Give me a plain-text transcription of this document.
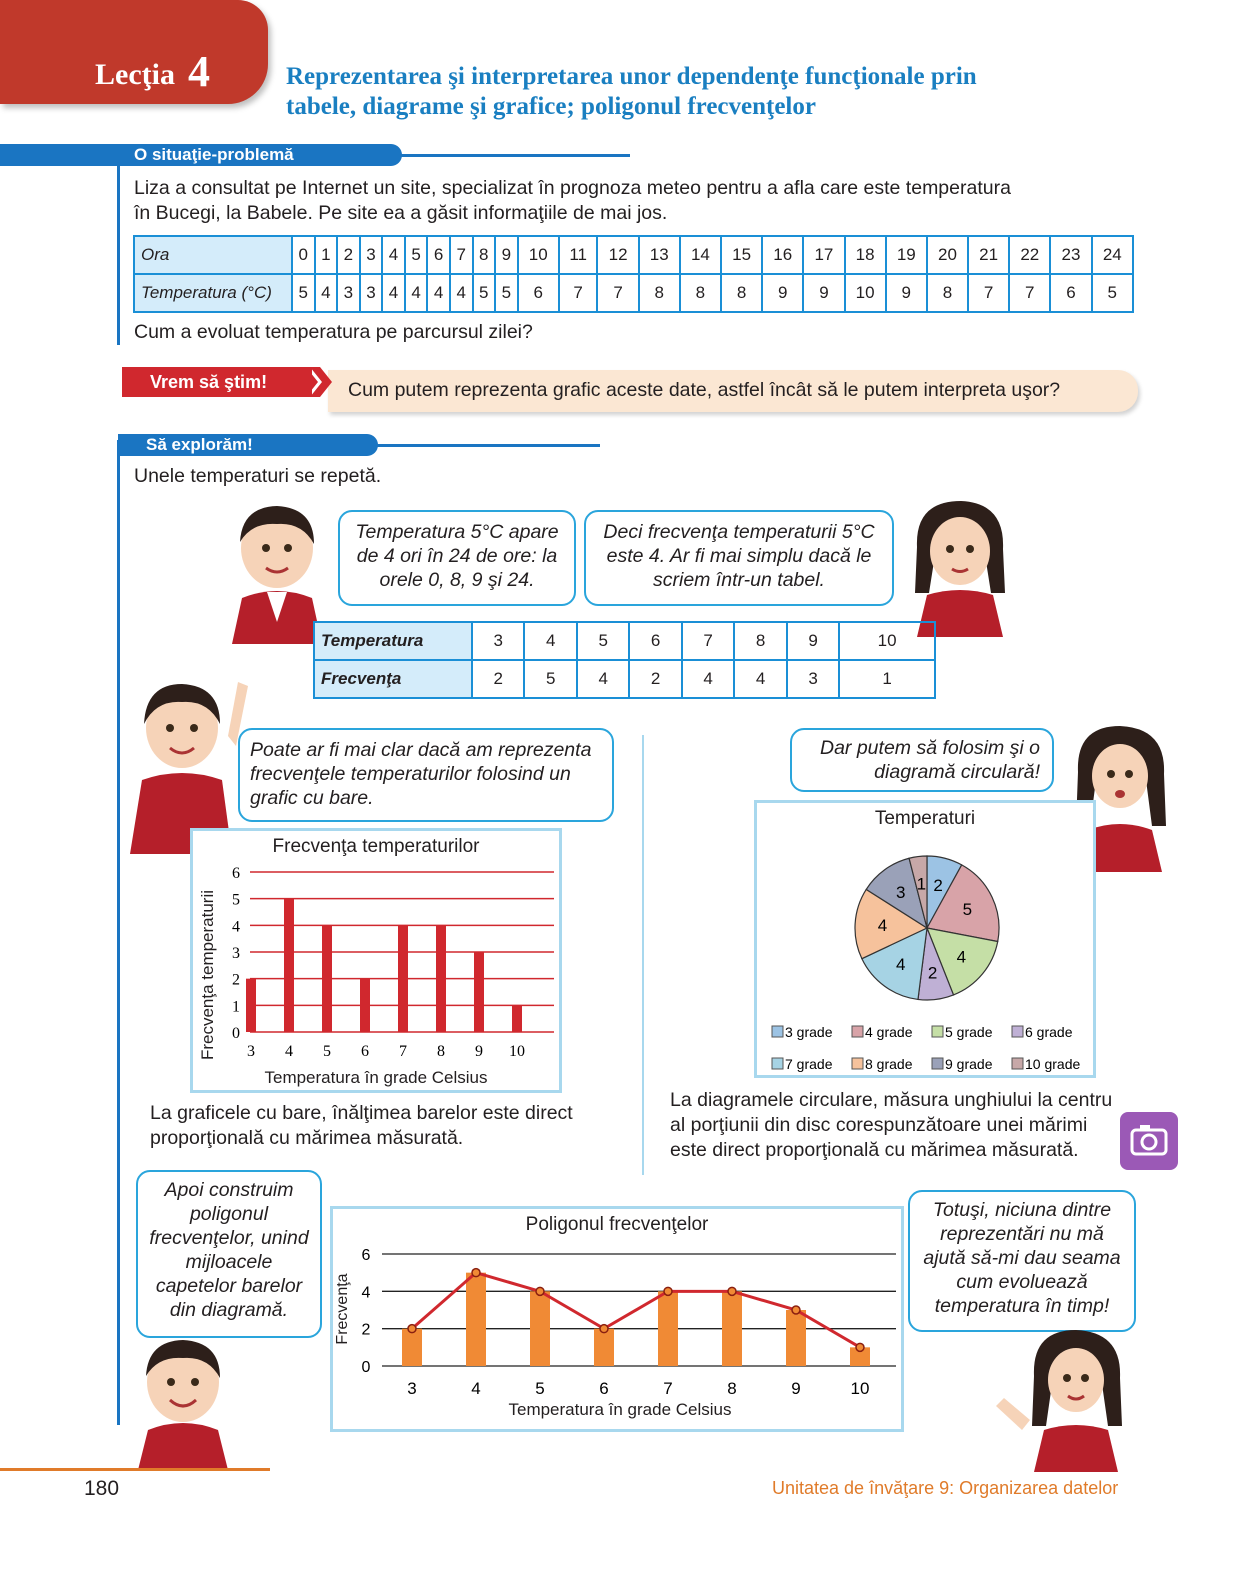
Lecţia 4	Reprezentarea şi interpretarea unor dependenţe funcţionale prin
tabele, diagrame şi grafice; poligonul frecvenţelor
O situaţie-problemă
Liza a consultat pe Internet un site, specializat în prognoza meteo pentru a afla care este temperatura
în Bucegi, la Babele. Pe site ea a găsit informaţiile de mai jos.
Ora	0	1	2	3	4	5	6	7	8	9	10	11	12	13	14	15	16	17	18	19	20	21	22	23	24
Temperatura (°C)	5	4	3	3	4	4	4	4	5	5	6	7	7	8	8	8	9	9	10	9	8	7	7	6	5
Cum a evoluat temperatura pe parcursul zilei?
Cum putem reprezenta grafic aceste date, astfel încât să le putem interpreta uşor?
Vrem să ştim!
Să explorăm!
Unele temperaturi se repetă.
Temperatura 5°C apare de 4 ori în 24 de ore: la orele 0, 8, 9 şi 24.
Deci frecvenţa temperaturii 5°C este 4. Ar fi mai simplu dacă le scriem într-un tabel.
Temperatura	3	4	5	6	7	8	9	10
Frecvenţa	2	5	4	2	4	4	3	1
Poate ar fi mai clar dacă am reprezenta frecvenţele temperaturilor folosind un grafic cu bare.
Dar putem să folosim şi o diagramă circulară!
Frecvenţa temperaturilor
Temperatura în grade Celsius
Frecvenţa temperaturii 0
1
2
3
4
5
6
3 4 5 6 7 8 9 10
La graficele cu bare, înălţimea barelor este direct proporţională cu mărimea măsurată.
Temperaturi
2
5
4
2
4
4
3 1
3 grade 4 grade 5 grade 6 grade
7 grade 8 grade 9 grade 10 grade
La diagramele circulare, măsura unghiului la centru al porţiunii din disc corespunzătoare unei mărimi este direct proporţională cu mărimea măsurată.
Apoi construim poligonul frecvenţelor, unind mijloacele capetelor barelor din diagramă.
Poligonul frecvenţelor
Temperatura în grade Celsius
Frecvenţa
0
2
4
6
3	4	5	6	7	8	9	10
Totuşi, niciuna dintre reprezentări nu mă ajută să-mi dau seama cum evoluează temperatura în timp!
180	Unitatea de învăţare 9: Organizarea datelor
